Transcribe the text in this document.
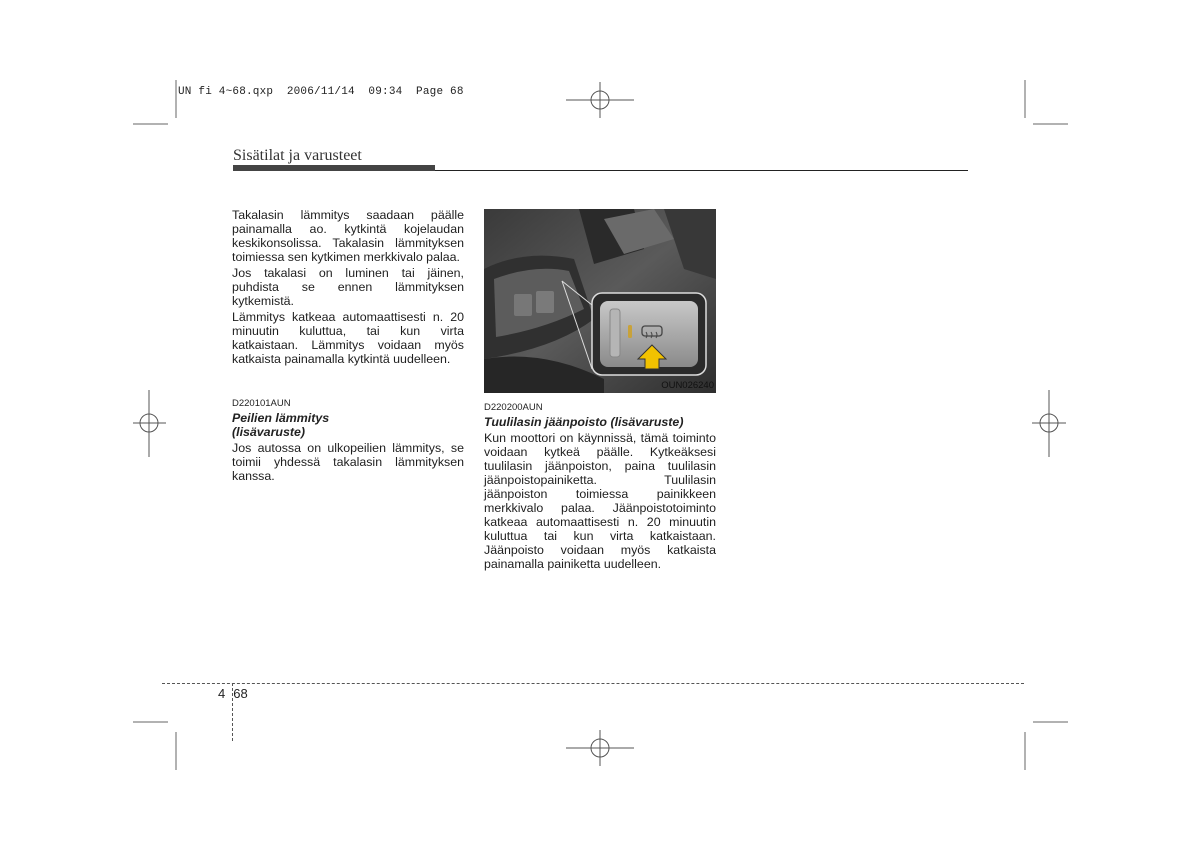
UN fi 4~68.qxp  2006/11/14  09:34  Page 68
Sisätilat ja varusteet

Takalasin lämmitys saadaan päälle painamalla ao. kytkintä kojelaudan keskikonsolissa. Takalasin lämmityksen toimiessa sen kytkimen merkkivalo palaa.

Jos takalasi on luminen tai jäinen, puhdista se ennen lämmityksen kytkemistä.

Lämmitys katkeaa automaattisesti n. 20 minuutin kuluttua, tai kun virta katkaistaan. Lämmitys voidaan myös katkaista painamalla kytkintä uudelleen.

D220101AUN
Peilien lämmitys
(lisävaruste)
Jos autossa on ulkopeilien lämmitys, se toimii yhdessä takalasin lämmityksen kanssa.
OUN026240
D220200AUN
Tuulilasin jäänpoisto (lisävaruste)
Kun moottori on käynnissä, tämä toiminto voidaan kytkeä päälle. Kytkeäksesi tuulilasin jäänpoiston, paina tuulilasin jäänpoistopainiketta. Tuulilasin jäänpoiston toimiessa painikkeen merkkivalo palaa. Jäänpoistotoiminto katkeaa automaattisesti n. 20 minuutin kuluttua tai kun virta katkaistaan. Jäänpoisto voidaan myös katkaista painamalla painiketta uudelleen.
4 68
